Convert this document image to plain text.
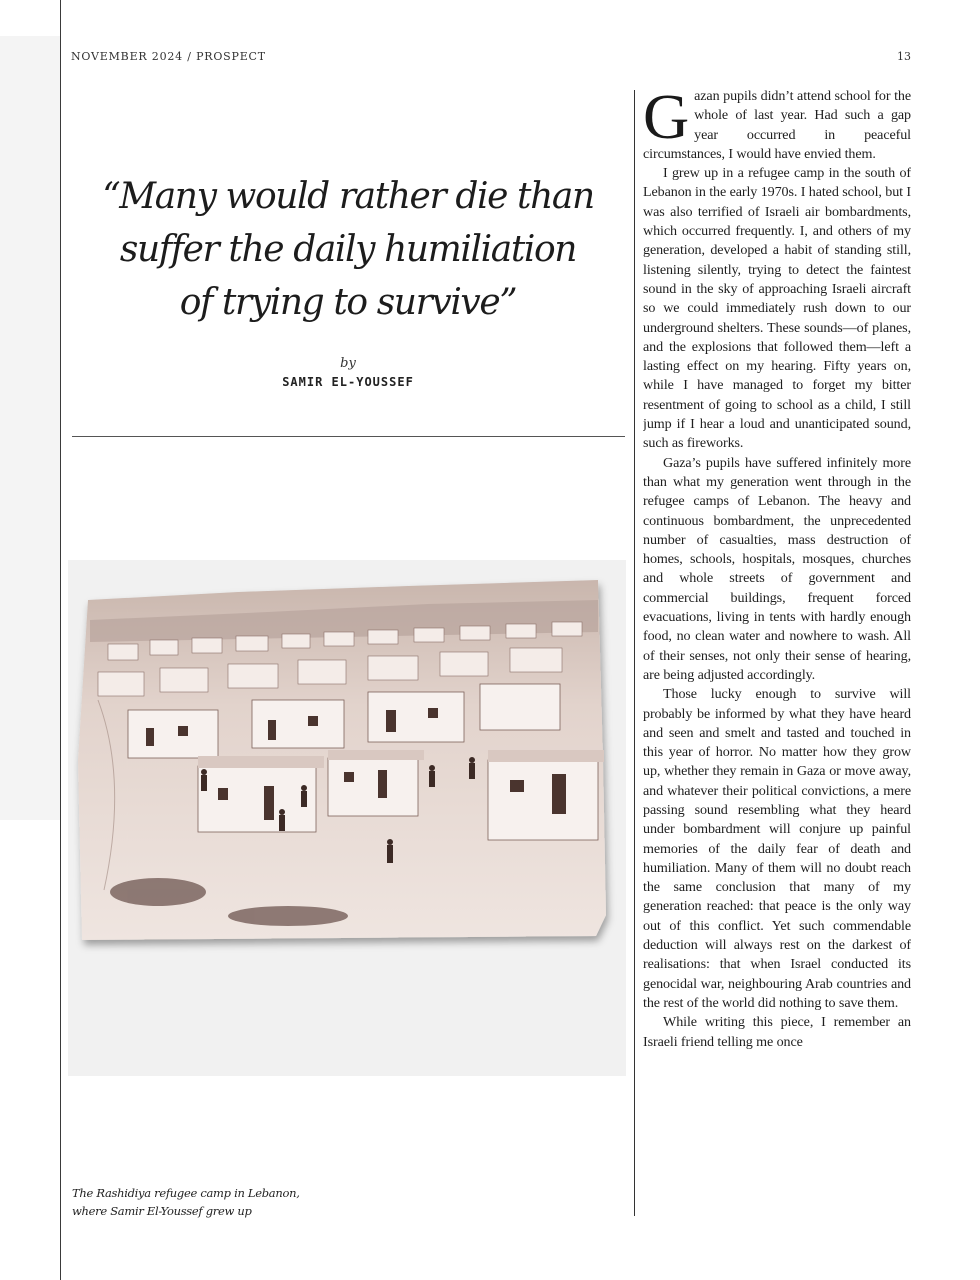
NOVEMBER 2024 / PROSPECT	13
“Many would rather die than
suffer the daily humiliation
of trying to survive”
by
SAMIR EL-YOUSSEF
The Rashidiya refugee camp in Lebanon,
where Samir El-Youssef grew up

Gazan pupils didn’t attend school for the whole of last year. Had such a gap year occurred in peaceful circumstances, I would have envied them.

I grew up in a refugee camp in the south of Lebanon in the early 1970s. I hated school, but I was also terrified of Israeli air bombardments, which occurred frequently. I, and others of my generation, developed a habit of standing still, listening silently, trying to detect the faintest sound in the sky of approaching Israeli aircraft so we could immediately rush down to our underground shelters. These sounds—of planes, and the explosions that followed them—left a lasting effect on my hearing. Fifty years on, while I have managed to forget my bitter resentment of going to school as a child, I still jump if I hear a loud and unanticipated sound, such as fireworks.

Gaza’s pupils have suffered infinitely more than what my generation went through in the refugee camps of Lebanon. The heavy and continuous bombardment, the unprecedented number of casualties, mass destruction of homes, schools, hospitals, mosques, churches and whole streets of government and commercial buildings, frequent forced evacuations, living in tents with hardly enough food, no clean water and nowhere to wash. All of their senses, not only their sense of hearing, are being adjusted accordingly.

Those lucky enough to survive will probably be informed by what they have heard and seen and smelt and tasted and touched in this year of horror. No matter how they grow up, whether they remain in Gaza or move away, and whatever their political convictions, a mere passing sound resembling what they heard under bombardment will conjure up painful memories of the daily fear of death and humiliation. Many of them will no doubt reach the same conclusion that many of my generation reached: that peace is the only way out of this conflict. Yet such commendable deduction will always rest on the darkest of realisations: that when Israel conducted its genocidal war, neighbouring Arab countries and the rest of the world did nothing to save them.

While writing this piece, I remember an Israeli friend telling me once
